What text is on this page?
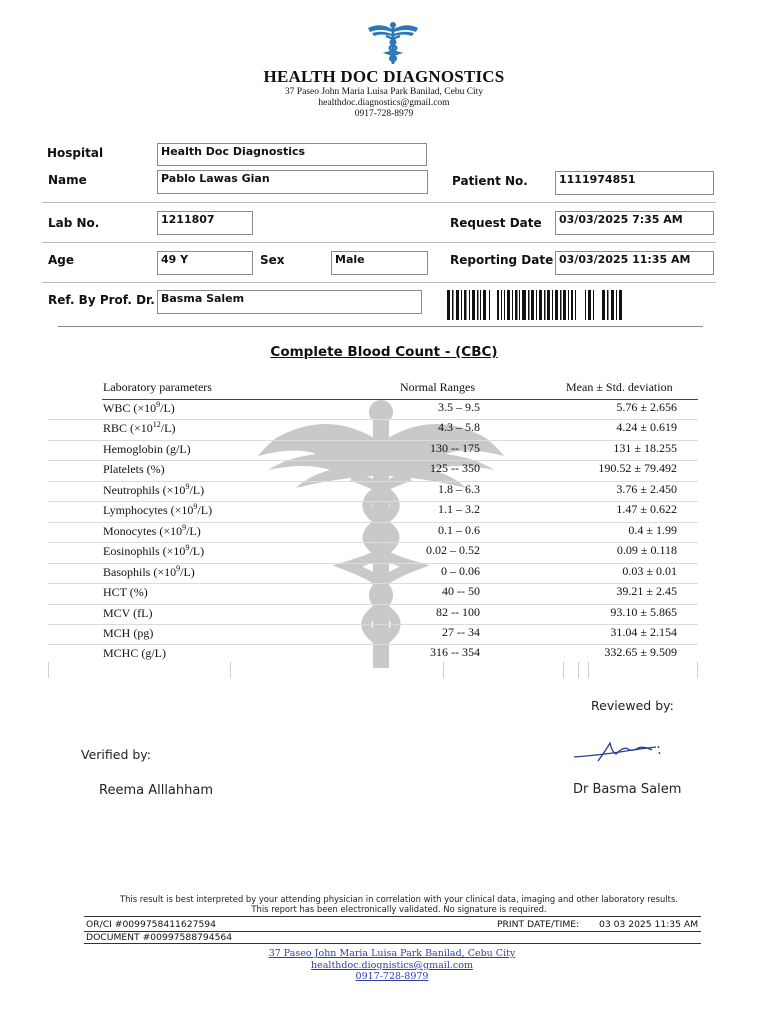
HEALTH DOC DIAGNOSTICS
37 Paseo John Maria Luisa Park Banilad, Cebu City
healthdoc.diagnostics@gmail.com
0917-728-8979
Hospital	Health Doc Diagnostics
Name	Pablo Lawas Gian	Patient No.	1111974851
Lab No.	1211807	Request Date	03/03/2025 7:35 AM
Age	49 Y	Sex	Male	Reporting Date 03/03/2025 11:35 AM
Ref. By Prof. Dr. Basma Salem
Complete Blood Count - (CBC)
Laboratory parameters	Normal Ranges	Mean ± Std. deviation
WBC $(\times 10^9/L)$	3.5 – 9.5	5.76 ± 2.656
RBC $(\times 10^{12}/L)$	4.3 – 5.8	4.24 ± 0.619
Hemoglobin (g/L)	130 -- 175	131 ± 18.255
Platelets (%)	125 -- 350	190.52 ± 79.492
Neutrophils $(\times 10^9/L)$	1.8 – 6.3	3.76 ± 2.450
Lymphocytes $(\times 10^9/L)$	1.1 – 3.2	1.47 ± 0.622
Monocytes $(\times 10^9/L)$	0.1 – 0.6	0.4 ± 1.99
Eosinophils $(\times 10^9/L)$	0.02 – 0.52	0.09 ± 0.118
Basophils $(\times 10^9/L)$	0 – 0.06	0.03 ± 0.01
HCT (%)	40 -- 50	39.21 ± 2.45
MCV (fL)	82 -- 100	93.10 ± 5.865
MCH (pg)	27 -- 34	31.04 ± 2.154
MCHC (g/L)	316 -- 354	332.65 ± 9.509
Reviewed by:
Verified by:
Reema Alllahham	Dr Basma Salem
This result is best interpreted by your attending physician in correlation with your clinical data, imaging and other laboratory results.
This report has been electronically validated. No signature is required.
OR/CI #0099758411627594	PRINT DATE/TIME: 03 03 2025 11:35 AM
DOCUMENT #00997588794564
37 Paseo John Maria Luisa Park Banilad, Cebu City
healthdoc.diognistics@gmail.com
0917-728-8979
